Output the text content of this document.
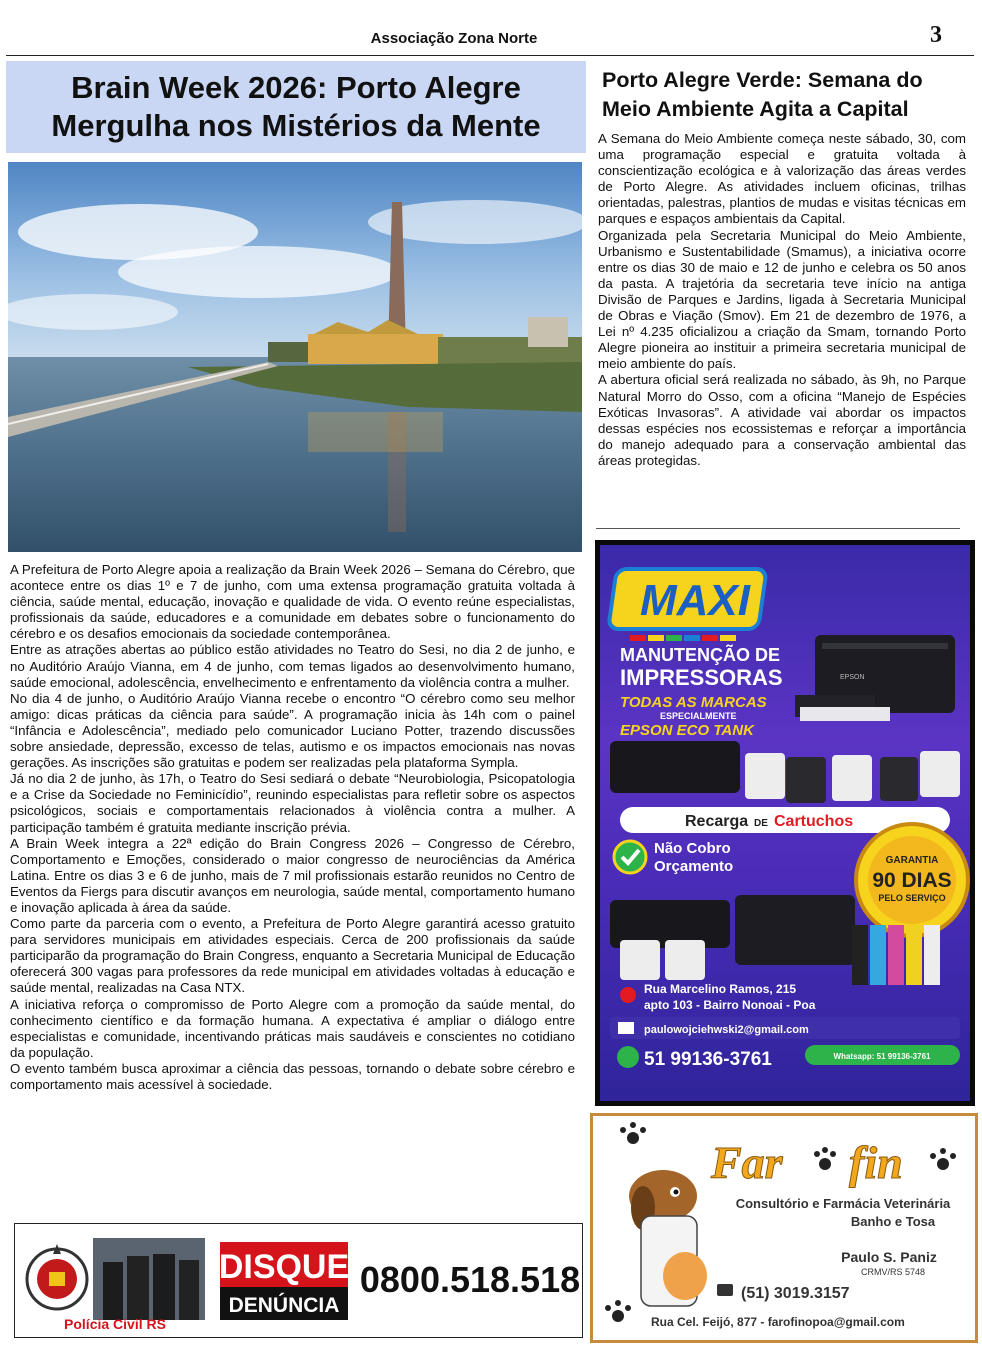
Associação Zona Norte	3
Brain Week 2026: Porto Alegre Mergulha nos Mistérios da Mente

A Prefeitura de Porto Alegre apoia a realização da Brain Week 2026 – Semana do Cérebro, que acontece entre os dias 1º e 7 de junho, com uma extensa programação gratuita voltada à ciência, saúde mental, educação, inovação e qualidade de vida. O evento reúne especialistas, profissionais da saúde, educadores e a comunidade em debates sobre o funcionamento do cérebro e os desafios emocionais da sociedade contemporânea.

Entre as atrações abertas ao público estão atividades no Teatro do Sesi, no dia 2 de junho, e no Auditório Araújo Vianna, em 4 de junho, com temas ligados ao desenvolvimento humano, saúde emocional, adolescência, envelhecimento e enfrentamento da violência contra a mulher.

No dia 4 de junho, o Auditório Araújo Vianna recebe o encontro “O cérebro como seu melhor amigo: dicas práticas da ciência para saúde”. A programação inicia às 14h com o painel “Infância e Adolescência”, mediado pelo comunicador Luciano Potter, trazendo discussões sobre ansiedade, depressão, excesso de telas, autismo e os impactos emocionais nas novas gerações. As inscrições são gratuitas e podem ser realizadas pela plataforma Sympla.

Já no dia 2 de junho, às 17h, o Teatro do Sesi sediará o debate “Neurobiologia, Psicopatologia e a Crise da Sociedade no Feminicídio”, reunindo especialistas para refletir sobre os aspectos psicológicos, sociais e comportamentais relacionados à violência contra a mulher. A participação também é gratuita mediante inscrição prévia.

A Brain Week integra a 22ª edição do Brain Congress 2026 – Congresso de Cérebro, Comportamento e Emoções, considerado o maior congresso de neurociências da América Latina. Entre os dias 3 e 6 de junho, mais de 7 mil profissionais estarão reunidos no Centro de Eventos da Fiergs para discutir avanços em neurologia, saúde mental, comportamento humano e inovação aplicada à área da saúde.

Como parte da parceria com o evento, a Prefeitura de Porto Alegre garantirá acesso gratuito para servidores municipais em atividades especiais. Cerca de 200 profissionais da saúde participarão da programação do Brain Congress, enquanto a Secretaria Municipal de Educação oferecerá 300 vagas para professores da rede municipal em atividades voltadas à educação e saúde mental, realizadas na Casa NTX.

A iniciativa reforça o compromisso de Porto Alegre com a promoção da saúde mental, do conhecimento científico e da formação humana. A expectativa é ampliar o diálogo entre especialistas e comunidade, incentivando práticas mais saudáveis e conscientes no cotidiano da população.

O evento também busca aproximar a ciência das pessoas, tornando o debate sobre cérebro e comportamento mais acessível à sociedade.

Porto Alegre Verde: Semana do Meio Ambiente Agita a Capital

A Semana do Meio Ambiente começa neste sábado, 30, com uma programação especial e gratuita voltada à conscientização ecológica e à valorização das áreas verdes de Porto Alegre. As atividades incluem oficinas, trilhas orientadas, palestras, plantios de mudas e visitas técnicas em parques e espaços ambientais da Capital.

Organizada pela Secretaria Municipal do Meio Ambiente, Urbanismo e Sustentabilidade (Smamus), a iniciativa ocorre entre os dias 30 de maio e 12 de junho e celebra os 50 anos da pasta. A trajetória da secretaria teve início na antiga Divisão de Parques e Jardins, ligada à Secretaria Municipal de Obras e Viação (Smov). Em 21 de dezembro de 1976, a Lei nº 4.235 oficializou a criação da Smam, tornando Porto Alegre pioneira ao instituir a primeira secretaria municipal de meio ambiente do país.

A abertura oficial será realizada no sábado, às 9h, no Parque Natural Morro do Osso, com a oficina “Manejo de Espécies Exóticas Invasoras”. A atividade vai abordar os impactos dessas espécies nos ecossistemas e reforçar a importância do manejo adequado para a conservação ambiental das áreas protegidas.

MAXI
MANUTENÇÃO DE
IMPRESSORAS
TODAS AS MARCAS
ESPECIALMENTE
EPSON ECO TANK
EPSON
Recarga DE Cartuchos
Não Cobro
Orçamento	GARANTIA
90 DIAS
PELO SERVIÇO
Rua Marcelino Ramos, 215
apto 103 - Bairro Nonoai - Poa
paulowojciehwski2@gmail.com
51 99136-3761	Whatsapp: 51 99136-3761
Far fin
Consultório e Farmácia Veterinária
Banho e Tosa
Paulo S. Paniz
CRMV/RS 5748
(51) 3019.3157
Rua Cel. Feijó, 877 - farofinopoa@gmail.com
Polícia Civil RS
DISQUE
DENÚNCIA
0800.518.518
